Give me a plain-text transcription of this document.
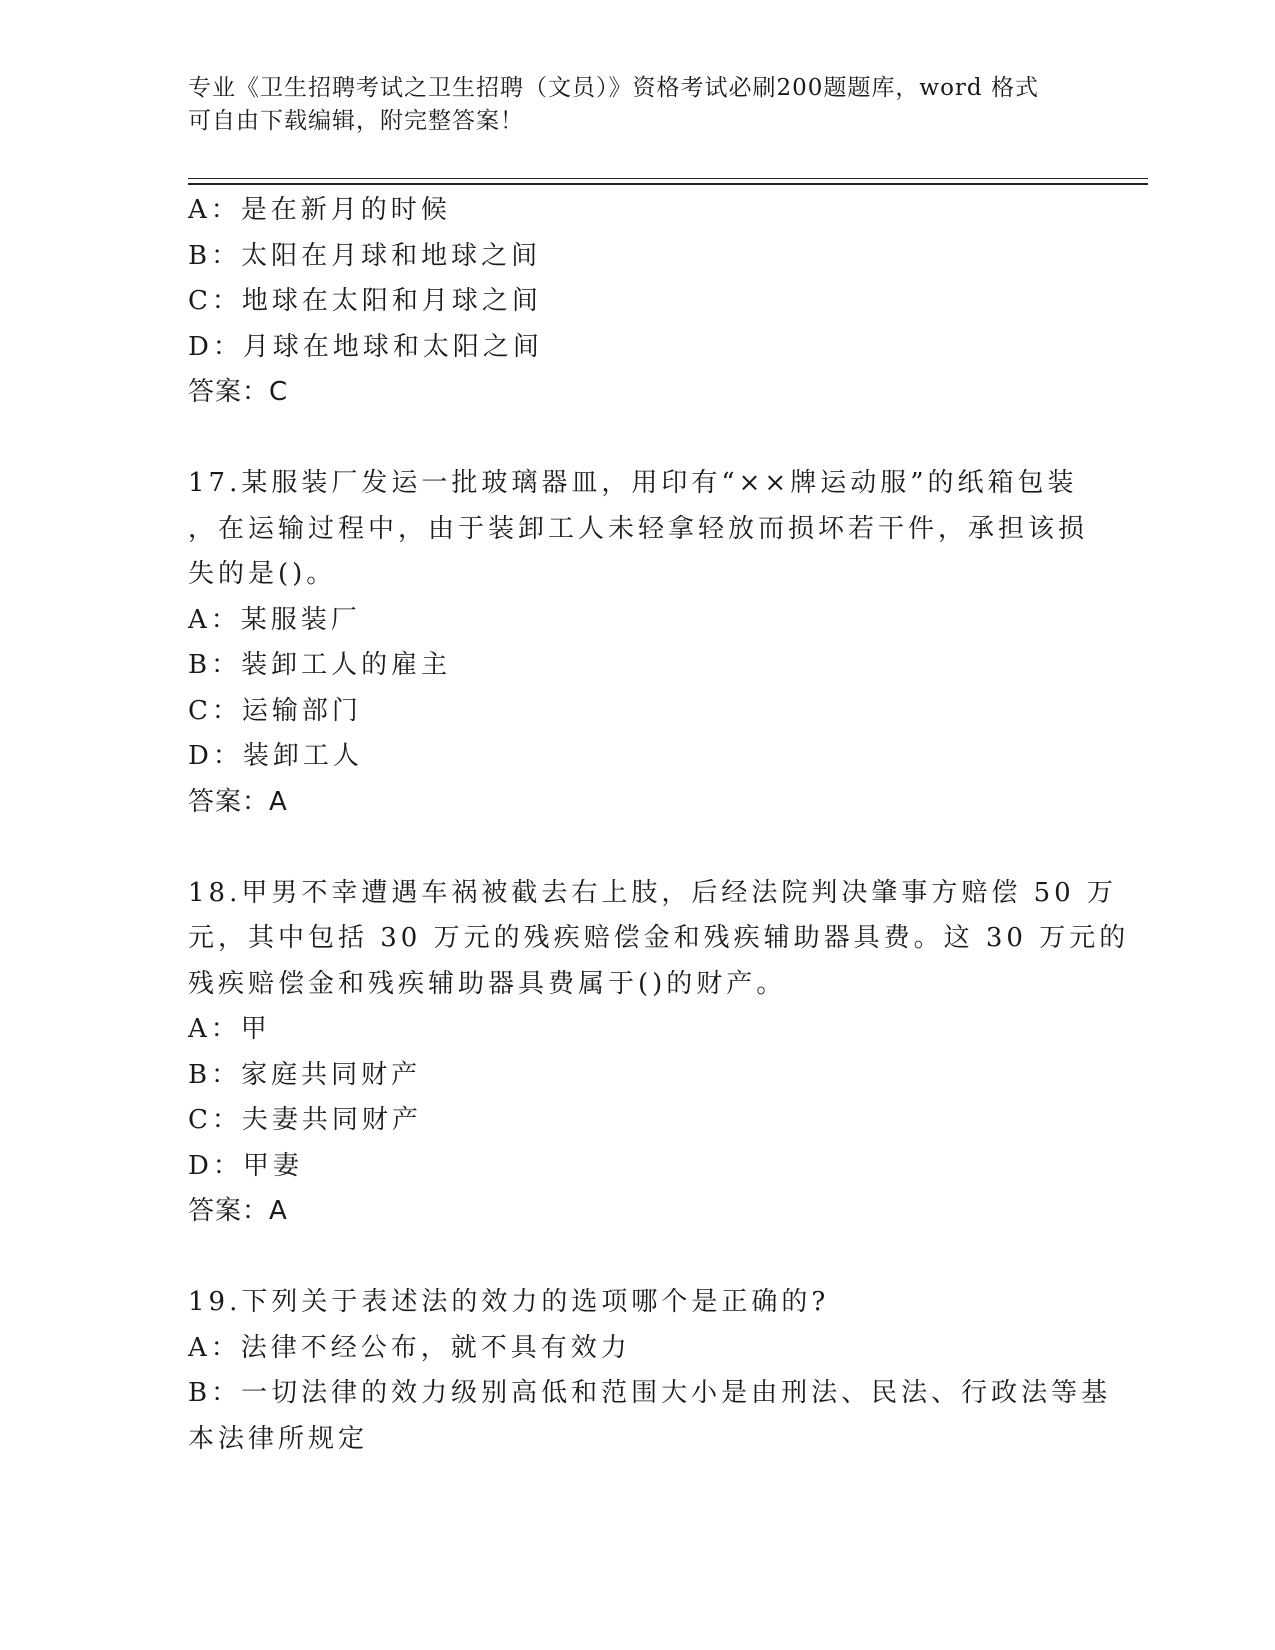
专业《卫生招聘考试之卫生招聘（文员）》资格考试必刷200题题库，word 格式
可自由下载编辑，附完整答案！
A：是在新月的时候
B：太阳在月球和地球之间
C：地球在太阳和月球之间
D：月球在地球和太阳之间
答案：C
17.某服装厂发运一批玻璃器皿，用印有“××牌运动服”的纸箱包装
，在运输过程中，由于装卸工人未轻拿轻放而损坏若干件，承担该损
失的是()。
A：某服装厂
B：装卸工人的雇主
C：运输部门
D：装卸工人
答案：A
18.甲男不幸遭遇车祸被截去右上肢，后经法院判决肇事方赔偿 50 万
元，其中包括 30 万元的残疾赔偿金和残疾辅助器具费。这 30 万元的
残疾赔偿金和残疾辅助器具费属于()的财产。
A：甲
B：家庭共同财产
C：夫妻共同财产
D：甲妻
答案：A
19.下列关于表述法的效力的选项哪个是正确的?
A：法律不经公布，就不具有效力
B：一切法律的效力级别高低和范围大小是由刑法、民法、行政法等基
本法律所规定
